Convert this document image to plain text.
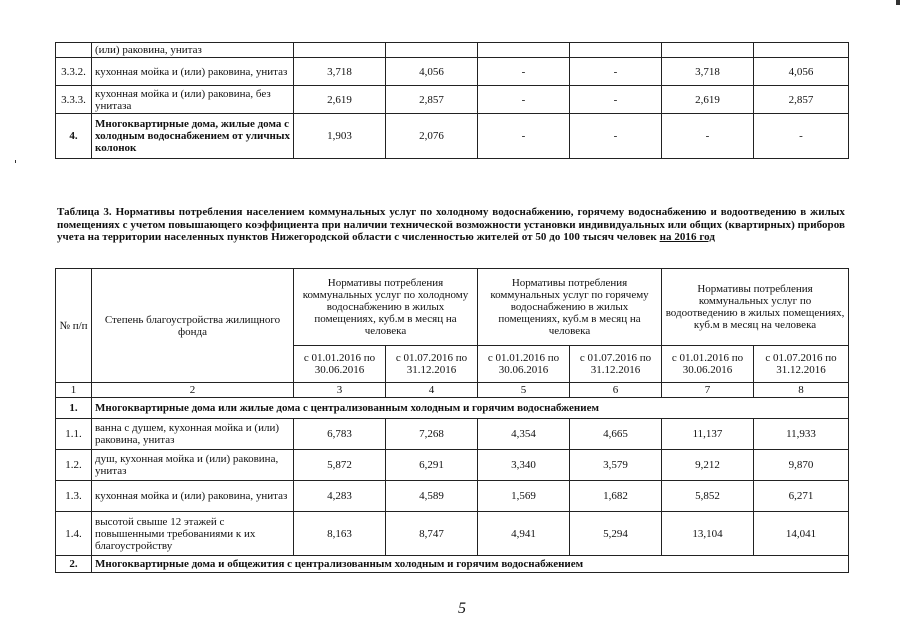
	(или) раковина, унитаз						
3.3.2.	кухонная мойка и (или) раковина, унитаз	3,718	4,056	-	-	3,718	4,056
3.3.3.	кухонная мойка и (или) раковина, без унитаза	2,619	2,857	-	-	2,619	2,857
4.	Многоквартирные дома, жилые дома с холодным водоснабжением от уличных колонок	1,903	2,076	-	-	-	-
Таблица 3. Нормативы потребления населением коммунальных услуг по холодному водоснабжению, горячему водоснабжению и водоотведению в жилых помещениях с учетом повышающего коэффициента при наличии технической возможности установки индивидуальных или общих (квартирных) приборов учета на территории населенных пунктов Нижегородской области с численностью жителей от 50 до 100 тысяч человек на 2016 год
№ п/п	Степень благоустройства жилищного фонда	Нормативы потребления коммунальных услуг по холодному водоснабжению в жилых помещениях, куб.м в месяц на человека		Нормативы потребления коммунальных услуг по горячему водоснабжению в жилых помещениях, куб.м в месяц на человека		Нормативы потребления коммунальных услуг по водоотведению в жилых помещениях, куб.м в месяц на человека	
		с 01.01.2016 по 30.06.2016	с 01.07.2016 по 31.12.2016	с 01.01.2016 по 30.06.2016	с 01.07.2016 по 31.12.2016	с 01.01.2016 по 30.06.2016	с 01.07.2016 по 31.12.2016
1	2	3	4	5	6	7	8
1.	Многоквартирные дома или жилые дома с централизованным холодным и горячим водоснабжением						
1.1.	ванна с душем, кухонная мойка и (или) раковина, унитаз	6,783	7,268	4,354	4,665	11,137	11,933
1.2.	душ, кухонная мойка и (или) раковина, унитаз	5,872	6,291	3,340	3,579	9,212	9,870
1.3.	кухонная мойка и (или) раковина, унитаз	4,283	4,589	1,569	1,682	5,852	6,271
1.4.	высотой свыше 12 этажей с повышенными требованиями к их благоустройству	8,163	8,747	4,941	5,294	13,104	14,041
2.	Многоквартирные дома и общежития с централизованным холодным и горячим водоснабжением						
5
